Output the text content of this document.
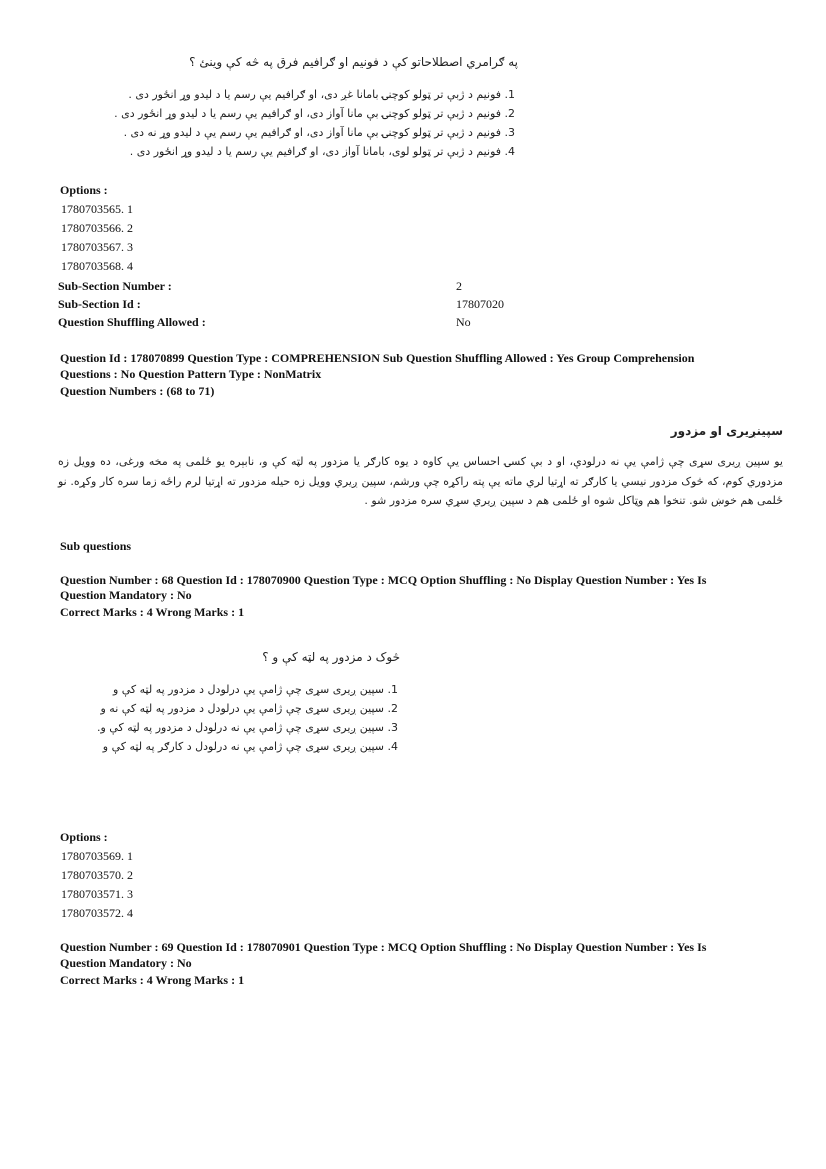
په ګرامري اصطلاحاتو کې د فونيم او ګرافيم فرق په څه کې وينئ ؟
1. فونيم د ژبې تر ټولو کوچنۍ بامانا غږ دی، او ګرافيم يې رسم يا د ليدو وړ انځور دی .
2. فونيم د ژبې تر ټولو کوچنۍ بې مانا آواز دی، او ګرافيم يې رسم يا د ليدو وړ انځور دی .
3. فونيم د ژبې تر ټولو کوچنۍ بې مانا آواز دی، او ګرافيم يې رسم يې د ليدو وړ نه دی .
4. فونيم د ژبې تر ټولو لوی، بامانا آواز دی، او ګرافيم يې رسم يا د ليدو وړ انځور دی .
Options :
1780703565. 1
1780703566. 2
1780703567. 3
1780703568. 4
Sub-Section Number :	2
Sub-Section Id :	17807020
Question Shuffling Allowed :	No
Question Id : 178070899 Question Type : COMPREHENSION Sub Question Shuffling Allowed : Yes Group Comprehension
Questions : No Question Pattern Type : NonMatrix
Question Numbers : (68 to 71)
سپينږيری او مزدور
يو سپين ږيری سړی چې ژامې يې نه درلودې، او د بې کسۍ احساس يې کاوه د يوه کارګر يا مزدور په لټه کې و، نابېره يو ځلمی په مخه ورغی، ده وويل زه مزدوري کوم، که څوک مزدور نيسي يا کارګر ته اړتيا لري ماته يې پته راکړه چې ورشم، سپين ږيري وويل زه حيله مزدور ته اړتيا لرم راځه زما سره کار وکړه. نو ځلمی هم خوښ شو. تنخوا هم وټاکل شوه او ځلمی هم د سپين ږيري سړي سره مزدور شو .
Sub questions
Question Number : 68 Question Id : 178070900 Question Type : MCQ Option Shuffling : No Display Question Number : Yes Is
Question Mandatory : No
Correct Marks : 4 Wrong Marks : 1
څوک د مزدور په لټه کې و ؟
1. سپين ږيری سړی چې ژامې يې درلودل د مزدور په لټه کې و
2. سپين ږيری سړی چې ژامې يې درلودل د مزدور په لټه کې نه و
3. سپين ږيری سړی چې ژامې يې نه درلودل د مزدور په لټه کې و.
4. سپين ږيری سړی چې ژامې يې نه درلودل د کارګر په لټه کې و
Options :
1780703569. 1
1780703570. 2
1780703571. 3
1780703572. 4
Question Number : 69 Question Id : 178070901 Question Type : MCQ Option Shuffling : No Display Question Number : Yes Is
Question Mandatory : No
Correct Marks : 4 Wrong Marks : 1
